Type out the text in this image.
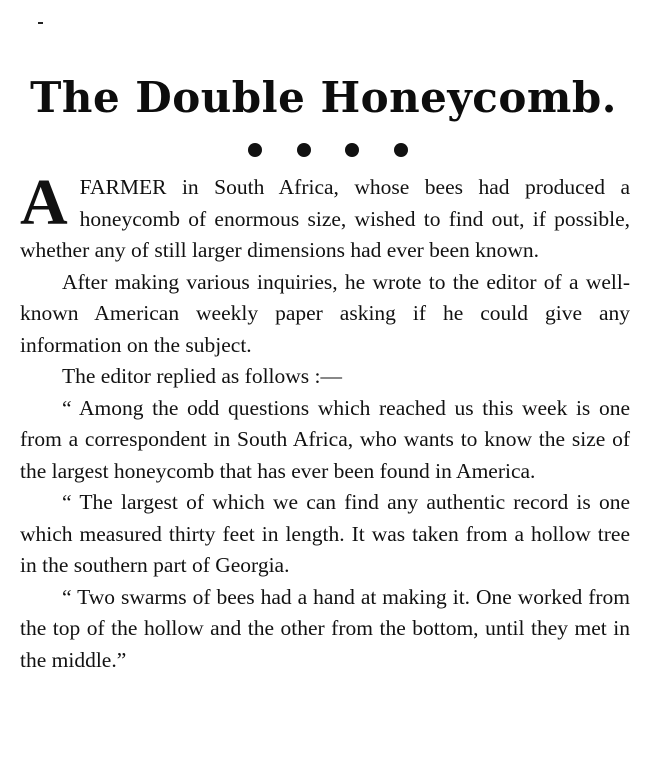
The Double Honeycomb.

A FARMER in South Africa, whose bees had produced a honeycomb of enormous size, wished to find out, if possible, whether any of still larger dimensions had ever been known.

After making various inquiries, he wrote to the editor of a well-known American weekly paper asking if he could give any information on the subject.

The editor replied as follows :—

“ Among the odd questions which reached us this week is one from a correspondent in South Africa, who wants to know the size of the largest honeycomb that has ever been found in America.

“ The largest of which we can find any authentic record is one which measured thirty feet in length. It was taken from a hollow tree in the southern part of Georgia.

“ Two swarms of bees had a hand at making it. One worked from the top of the hollow and the other from the bottom, until they met in the middle.”
